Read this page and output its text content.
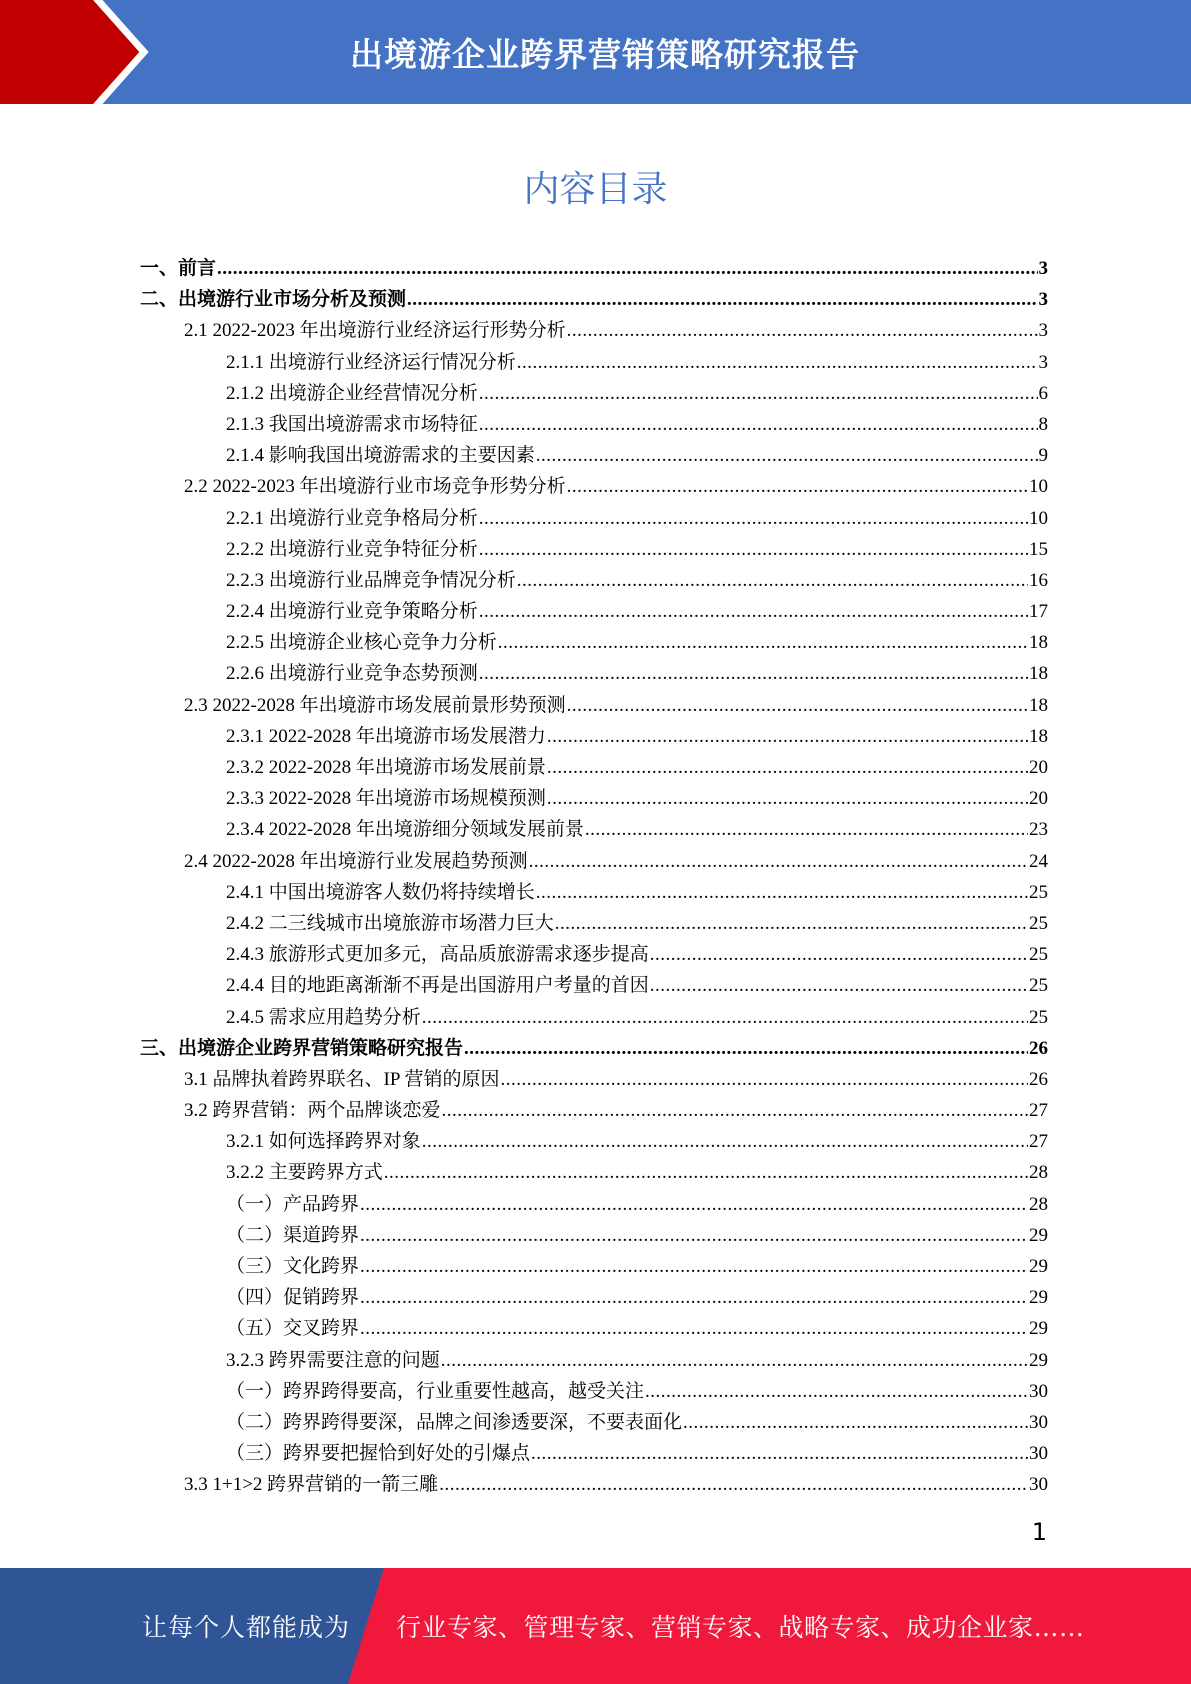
出境游企业跨界营销策略研究报告
内容目录
一、前言 .....	3
二、出境游行业市场分析及预测 .....	3
2.1 2022-2023 年出境游行业经济运行形势分析 .....	3
2.1.1 出境游行业经济运行情况分析 .....	3
2.1.2 出境游企业经营情况分析 .....	6
2.1.3 我国出境游需求市场特征 .....	8
2.1.4 影响我国出境游需求的主要因素 .....	9
2.2 2022-2023 年出境游行业市场竞争形势分析 .....	10
2.2.1 出境游行业竞争格局分析 .....	10
2.2.2 出境游行业竞争特征分析 .....	15
2.2.3 出境游行业品牌竞争情况分析 .....	16
2.2.4 出境游行业竞争策略分析 .....	17
2.2.5 出境游企业核心竞争力分析 .....	18
2.2.6 出境游行业竞争态势预测 .....	18
2.3 2022-2028 年出境游市场发展前景形势预测 .....	18
2.3.1 2022-2028 年出境游市场发展潜力 .....	18
2.3.2 2022-2028 年出境游市场发展前景 .....	20
2.3.3 2022-2028 年出境游市场规模预测 .....	20
2.3.4 2022-2028 年出境游细分领域发展前景 .....	23
2.4 2022-2028 年出境游行业发展趋势预测 .....	24
2.4.1 中国出境游客人数仍将持续增长 .....	25
2.4.2 二三线城市出境旅游市场潜力巨大 .....	25
2.4.3 旅游形式更加多元，高品质旅游需求逐步提高 .....	25
2.4.4 目的地距离渐渐不再是出国游用户考量的首因 .....	25
2.4.5 需求应用趋势分析 .....	25
三、出境游企业跨界营销策略研究报告 .....	26
3.1 品牌执着跨界联名、IP 营销的原因 .....	26
3.2 跨界营销：两个品牌谈恋爱 .....	27
3.2.1 如何选择跨界对象 .....	27
3.2.2 主要跨界方式 .....	28
（一）产品跨界 .....	28
（二）渠道跨界 .....	29
（三）文化跨界 .....	29
（四）促销跨界 .....	29
（五）交叉跨界 .....	29
3.2.3 跨界需要注意的问题 .....	29
（一）跨界跨得要高，行业重要性越高，越受关注 .....	30
（二）跨界跨得要深，品牌之间渗透要深，不要表面化 .....	30
（三）跨界要把握恰到好处的引爆点 .....	30
3.3 1+1>2 跨界营销的一箭三雕 .....	30
1
让每个人都能成为 行业专家、管理专家、营销专家、战略专家、成功企业家……
